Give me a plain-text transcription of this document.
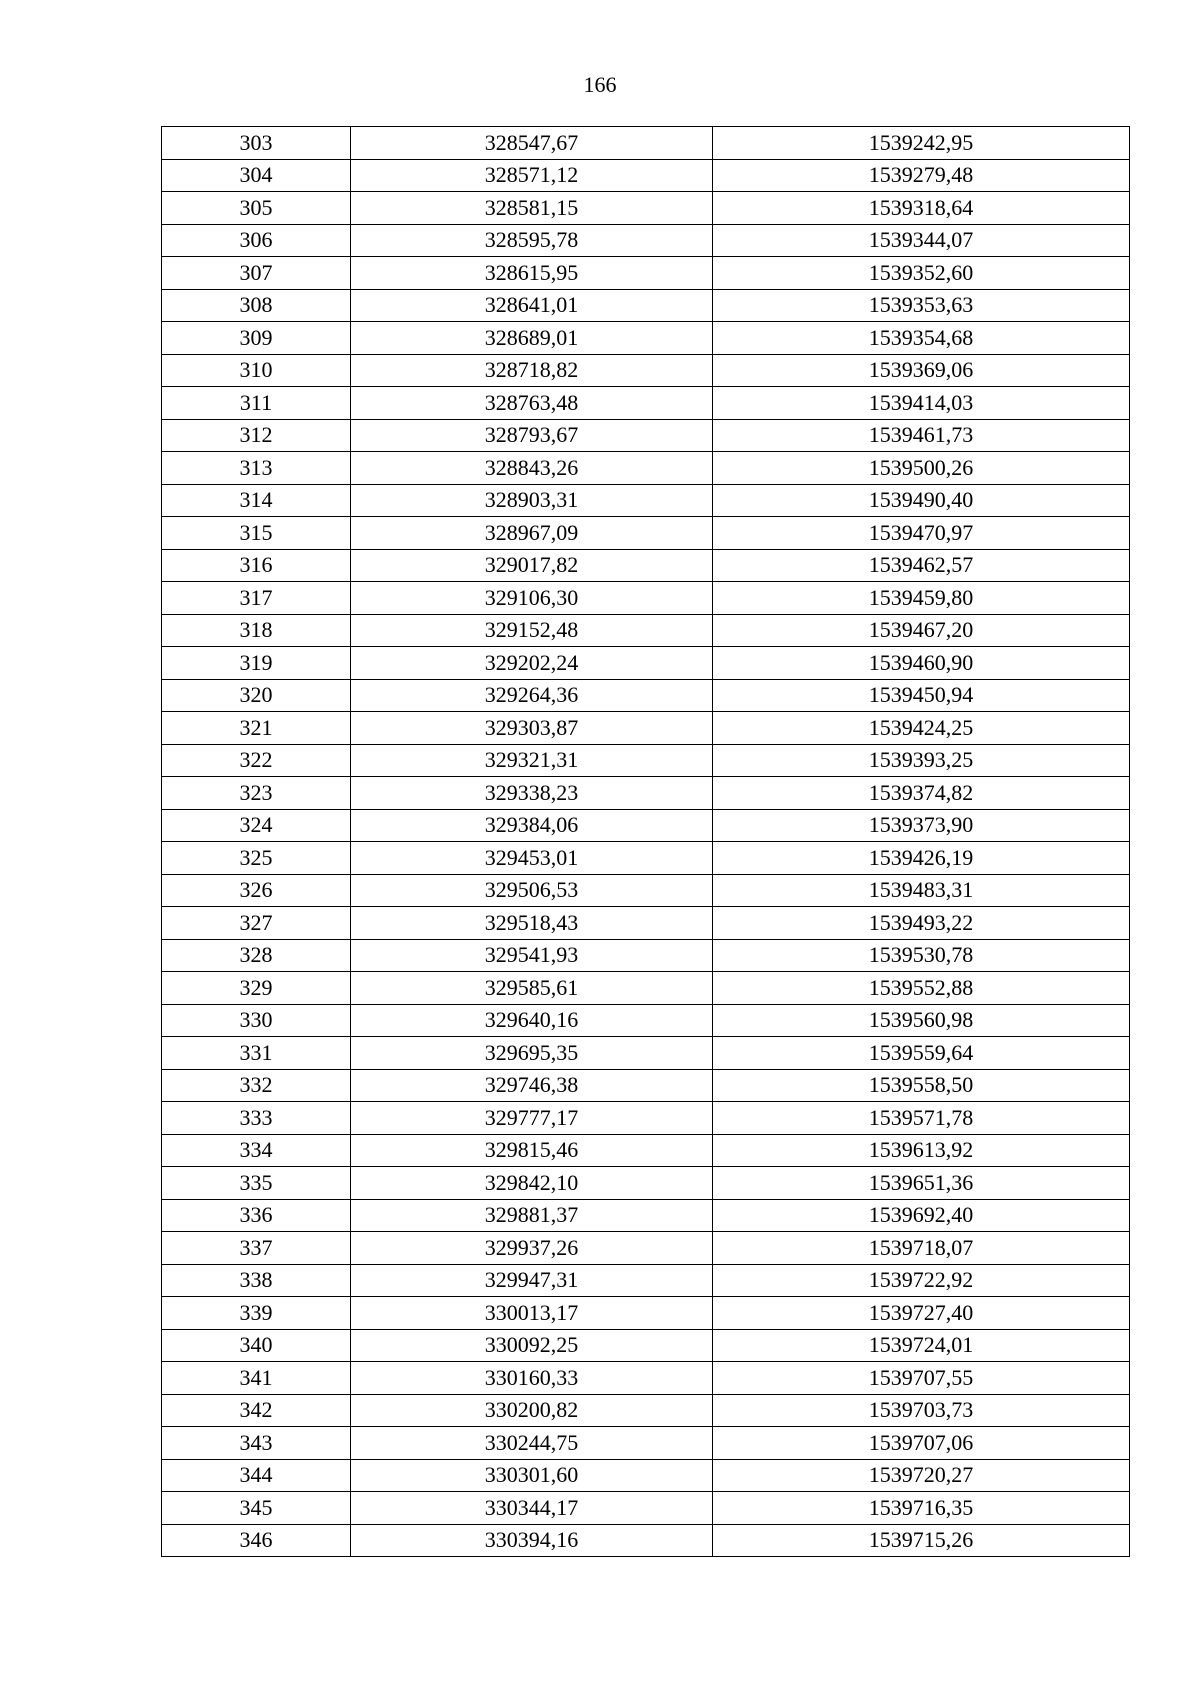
166
303	328547,67	1539242,95
304	328571,12	1539279,48
305	328581,15	1539318,64
306	328595,78	1539344,07
307	328615,95	1539352,60
308	328641,01	1539353,63
309	328689,01	1539354,68
310	328718,82	1539369,06
311	328763,48	1539414,03
312	328793,67	1539461,73
313	328843,26	1539500,26
314	328903,31	1539490,40
315	328967,09	1539470,97
316	329017,82	1539462,57
317	329106,30	1539459,80
318	329152,48	1539467,20
319	329202,24	1539460,90
320	329264,36	1539450,94
321	329303,87	1539424,25
322	329321,31	1539393,25
323	329338,23	1539374,82
324	329384,06	1539373,90
325	329453,01	1539426,19
326	329506,53	1539483,31
327	329518,43	1539493,22
328	329541,93	1539530,78
329	329585,61	1539552,88
330	329640,16	1539560,98
331	329695,35	1539559,64
332	329746,38	1539558,50
333	329777,17	1539571,78
334	329815,46	1539613,92
335	329842,10	1539651,36
336	329881,37	1539692,40
337	329937,26	1539718,07
338	329947,31	1539722,92
339	330013,17	1539727,40
340	330092,25	1539724,01
341	330160,33	1539707,55
342	330200,82	1539703,73
343	330244,75	1539707,06
344	330301,60	1539720,27
345	330344,17	1539716,35
346	330394,16	1539715,26
